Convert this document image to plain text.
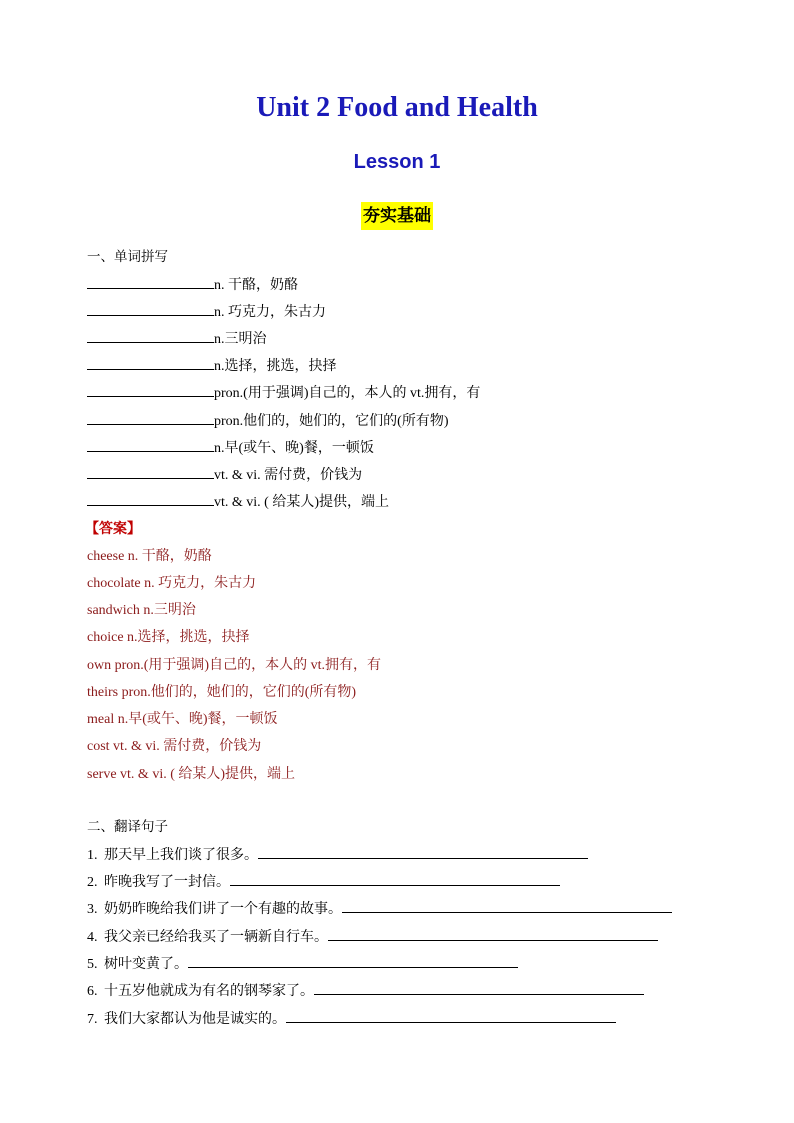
Unit 2 Food and Health
Lesson 1
夯实基础
一、单词拼写
n. 干酪，奶酪
n. 巧克力，朱古力
n.三明治
n.选择，挑选，抉择
pron.(用于强调)自己的，本人的 vt.拥有，有
pron.他们的，她们的，它们的(所有物)
n.早(或午、晚)餐，一顿饭
vt. & vi. 需付费，价钱为
vt. & vi. ( 给某人)提供，端上
【答案】
cheese n. 干酪，奶酪
chocolate n. 巧克力，朱古力
sandwich n.三明治
choice n.选择，挑选，抉择
own pron.(用于强调)自己的，本人的 vt.拥有，有
theirs pron.他们的，她们的，它们的(所有物)
meal n.早(或午、晚)餐，一顿饭
cost vt. & vi. 需付费，价钱为
serve vt. & vi. ( 给某人)提供，端上
二、翻译句子
1. 那天早上我们谈了很多。
2. 昨晚我写了一封信。
3. 奶奶昨晚给我们讲了一个有趣的故事。
4. 我父亲已经给我买了一辆新自行车。
5. 树叶变黄了。
6. 十五岁他就成为有名的钢琴家了。
7. 我们大家都认为他是诚实的。
